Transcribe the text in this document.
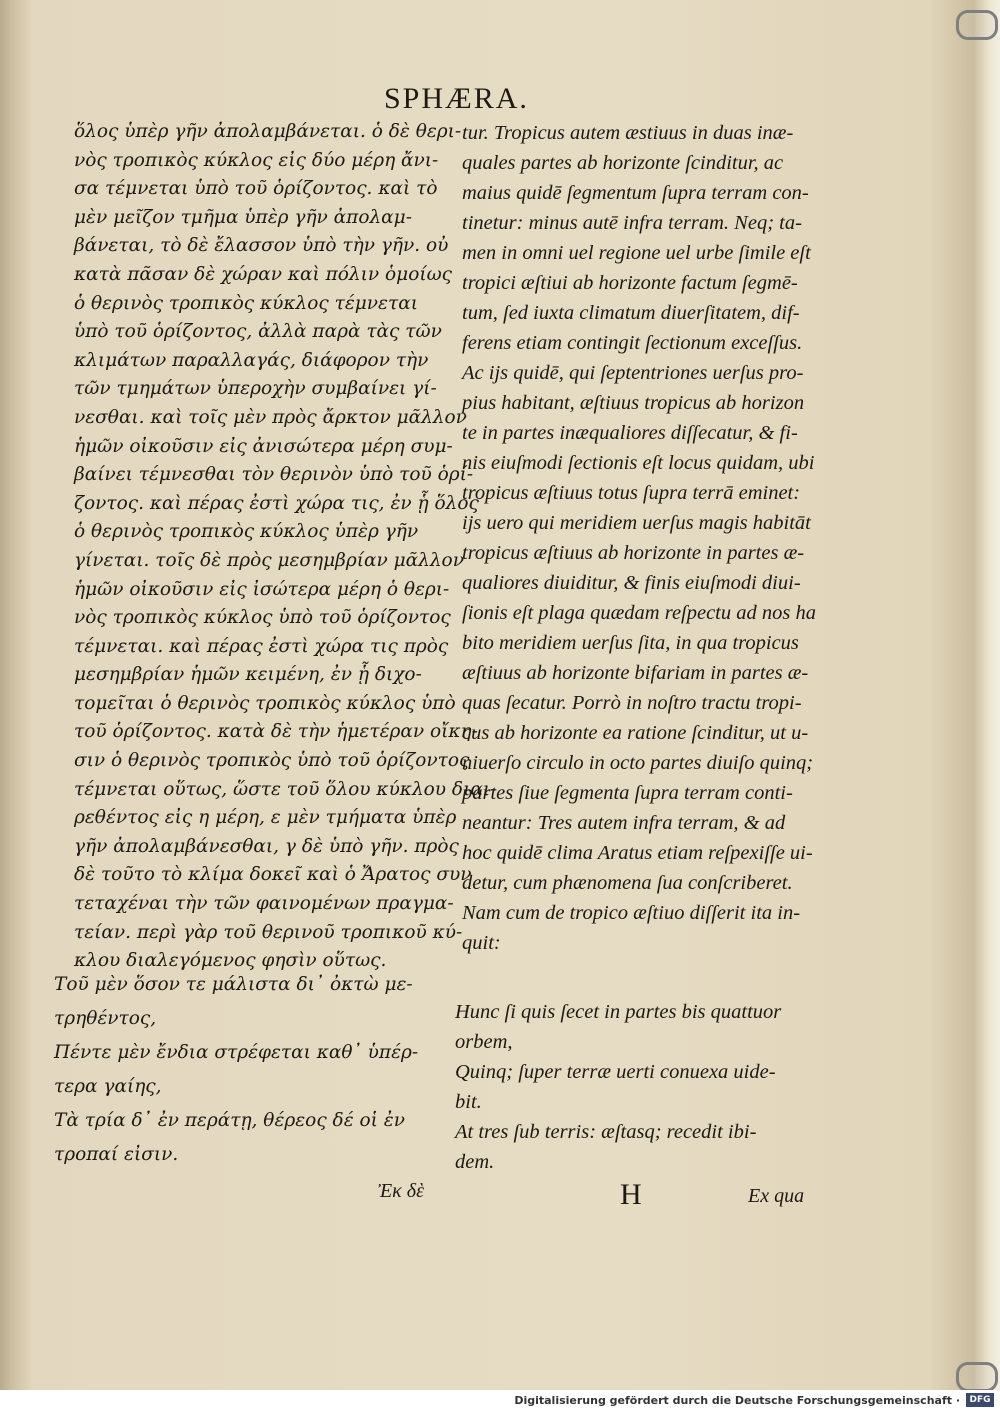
SPHÆRA.
ὅλος ὑπὲρ γῆν ἀπολαμβάνεται. ὁ δὲ θερι-
νὸς τροπικὸς κύκλος εἰς δύο μέρη ἄνι-
σα τέμνεται ὑπὸ τοῦ ὁρίζοντος. καὶ τὸ
μὲν μεῖζον τμῆμα ὑπὲρ γῆν ἀπολαμ-
βάνεται, τὸ δὲ ἔλασσον ὑπὸ τὴν γῆν. οὐ
κατὰ πᾶσαν δὲ χώραν καὶ πόλιν ὁμοίως
ὁ θερινὸς τροπικὸς κύκλος τέμνεται
ὑπὸ τοῦ ὁρίζοντος, ἀλλὰ παρὰ τὰς τῶν
κλιμάτων παραλλαγάς, διάφορον τὴν
τῶν τμημάτων ὑπεροχὴν συμβαίνει γί-
νεσθαι. καὶ τοῖς μὲν πρὸς ἄρκτον μᾶλλον
ἡμῶν οἰκοῦσιν εἰς ἀνισώτερα μέρη συμ-
βαίνει τέμνεσθαι τὸν θερινὸν ὑπὸ τοῦ ὁρί-
ζοντος. καὶ πέρας ἐστὶ χώρα τις, ἐν ᾗ ὅλος
ὁ θερινὸς τροπικὸς κύκλος ὑπὲρ γῆν
γίνεται. τοῖς δὲ πρὸς μεσημβρίαν μᾶλλον
ἡμῶν οἰκοῦσιν εἰς ἰσώτερα μέρη ὁ θερι-
νὸς τροπικὸς κύκλος ὑπὸ τοῦ ὁρίζοντος
τέμνεται. καὶ πέρας ἐστὶ χώρα τις πρὸς
μεσημβρίαν ἡμῶν κειμένη, ἐν ᾗ διχο-
τομεῖται ὁ θερινὸς τροπικὸς κύκλος ὑπὸ
τοῦ ὁρίζοντος. κατὰ δὲ τὴν ἡμετέραν οἴκη-
σιν ὁ θερινὸς τροπικὸς ὑπὸ τοῦ ὁρίζοντος
τέμνεται οὕτως, ὥστε τοῦ ὅλου κύκλου διαι-
ρεθέντος εἰς η μέρη, ε μὲν τμήματα ὑπὲρ
γῆν ἀπολαμβάνεσθαι, γ δὲ ὑπὸ γῆν. πρὸς
δὲ τοῦτο τὸ κλίμα δοκεῖ καὶ ὁ Ἄρατος συν
τεταχέναι τὴν τῶν φαινομένων πραγμα-
τείαν. περὶ γὰρ τοῦ θερινοῦ τροπικοῦ κύ-
κλου διαλεγόμενος φησὶν οὕτως.
tur. Tropicus autem æstiuus in duas inæ-
quales partes ab horizonte ſcinditur, ac
maius quidē ſegmentum ſupra terram con-
tinetur: minus autē infra terram. Neq; ta-
men in omni uel regione uel urbe ſimile eſt
tropici æſtiui ab horizonte factum ſegmē-
tum, ſed iuxta climatum diuerſitatem, dif-
ferens etiam contingit ſectionum exceſſus.
Ac ijs quidē, qui ſeptentriones uerſus pro-
pius habitant, æſtiuus tropicus ab horizon
te in partes inæqualiores diſſecatur, & fi-
nis eiuſmodi ſectionis eſt locus quidam, ubi
tropicus æſtiuus totus ſupra terrā eminet:
ijs uero qui meridiem uerſus magis habitāt
tropicus æſtiuus ab horizonte in partes æ-
qualiores diuiditur, & finis eiuſmodi diui-
ſionis eſt plaga quædam reſpectu ad nos ha
bito meridiem uerſus ſita, in qua tropicus
æſtiuus ab horizonte bifariam in partes æ-
quas ſecatur. Porrò in noſtro tractu tropi-
cus ab horizonte ea ratione ſcinditur, ut u-
niuerſo circulo in octo partes diuiſo quinq;
partes ſiue ſegmenta ſupra terram conti-
neantur: Tres autem infra terram, & ad
hoc quidē clima Aratus etiam reſpexiſſe ui-
detur, cum phænomena ſua conſcriberet.
Nam cum de tropico æſtiuo diſſerit ita in-
quit:
Τοῦ μὲν ὅσον τε μάλιστα δι᾽ ὀκτὼ με-
τρηθέντος,
Πέντε μὲν ἔνδια στρέφεται καθ᾽ ὑπέρ-
τερα γαίης,
Τὰ τρία δ᾽ ἐν περάτῃ, θέρεος δέ οἱ ἐν
τροπαί εἰσιν.
Hunc ſi quis ſecet in partes bis quattuor
orbem,
Quinq; ſuper terræ uerti conuexa uide-
bit.
At tres ſub terris: æſtasq; recedit ibi-
dem.
Ἐκ δὲ	H	Ex qua
Digitalisierung gefördert durch die Deutsche Forschungsgemeinschaft ·	DFG
